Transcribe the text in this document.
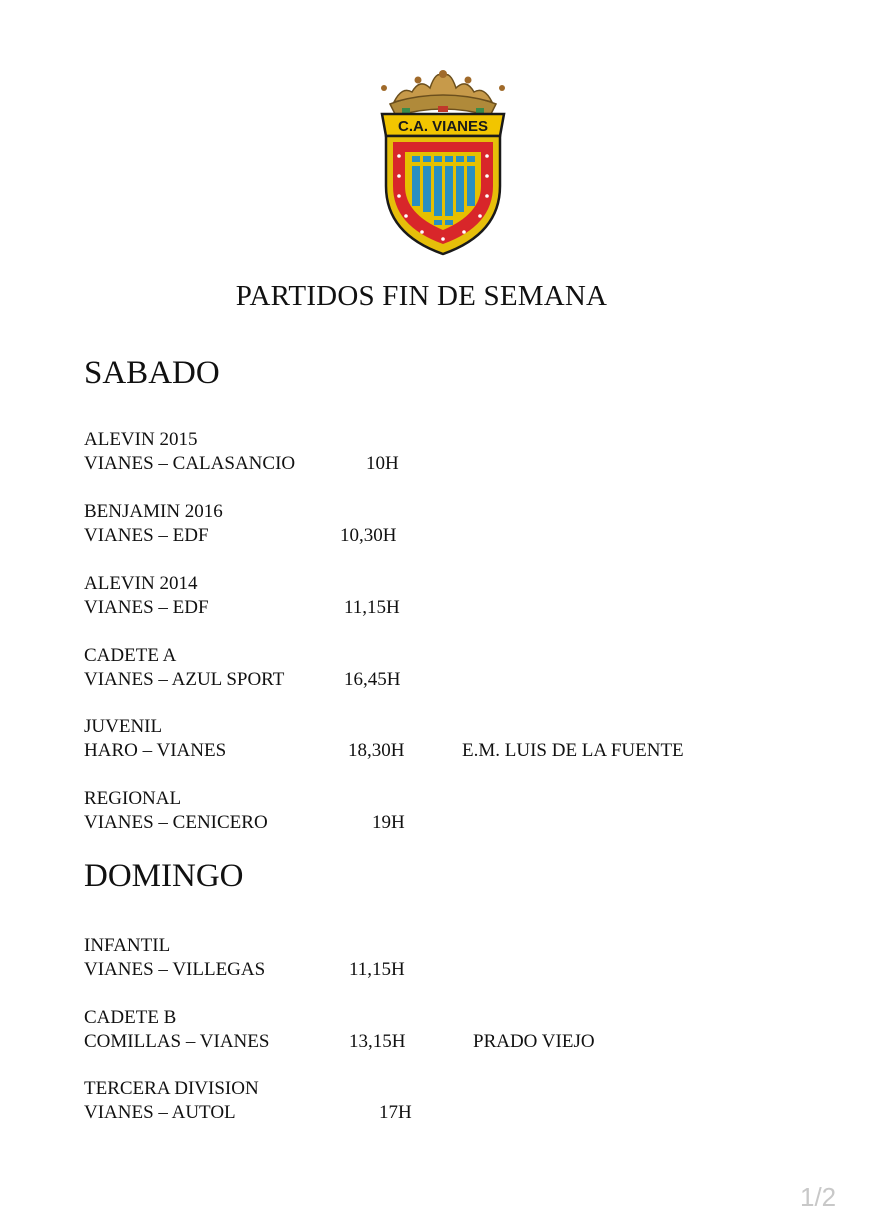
C.A. VIANES
PARTIDOS FIN DE SEMANA
SABADO
ALEVIN 2015
VIANES – CALASANCIO	10H
BENJAMIN 2016
VIANES – EDF	10,30H
ALEVIN 2014
VIANES – EDF	11,15H
CADETE A
VIANES – AZUL SPORT	16,45H
JUVENIL
HARO – VIANES	18,30H	E.M. LUIS DE LA FUENTE
REGIONAL
VIANES – CENICERO	19H
DOMINGO
INFANTIL
VIANES – VILLEGAS	11,15H
CADETE B
COMILLAS – VIANES	13,15H	PRADO VIEJO
TERCERA DIVISION
VIANES – AUTOL	17H
1/2
